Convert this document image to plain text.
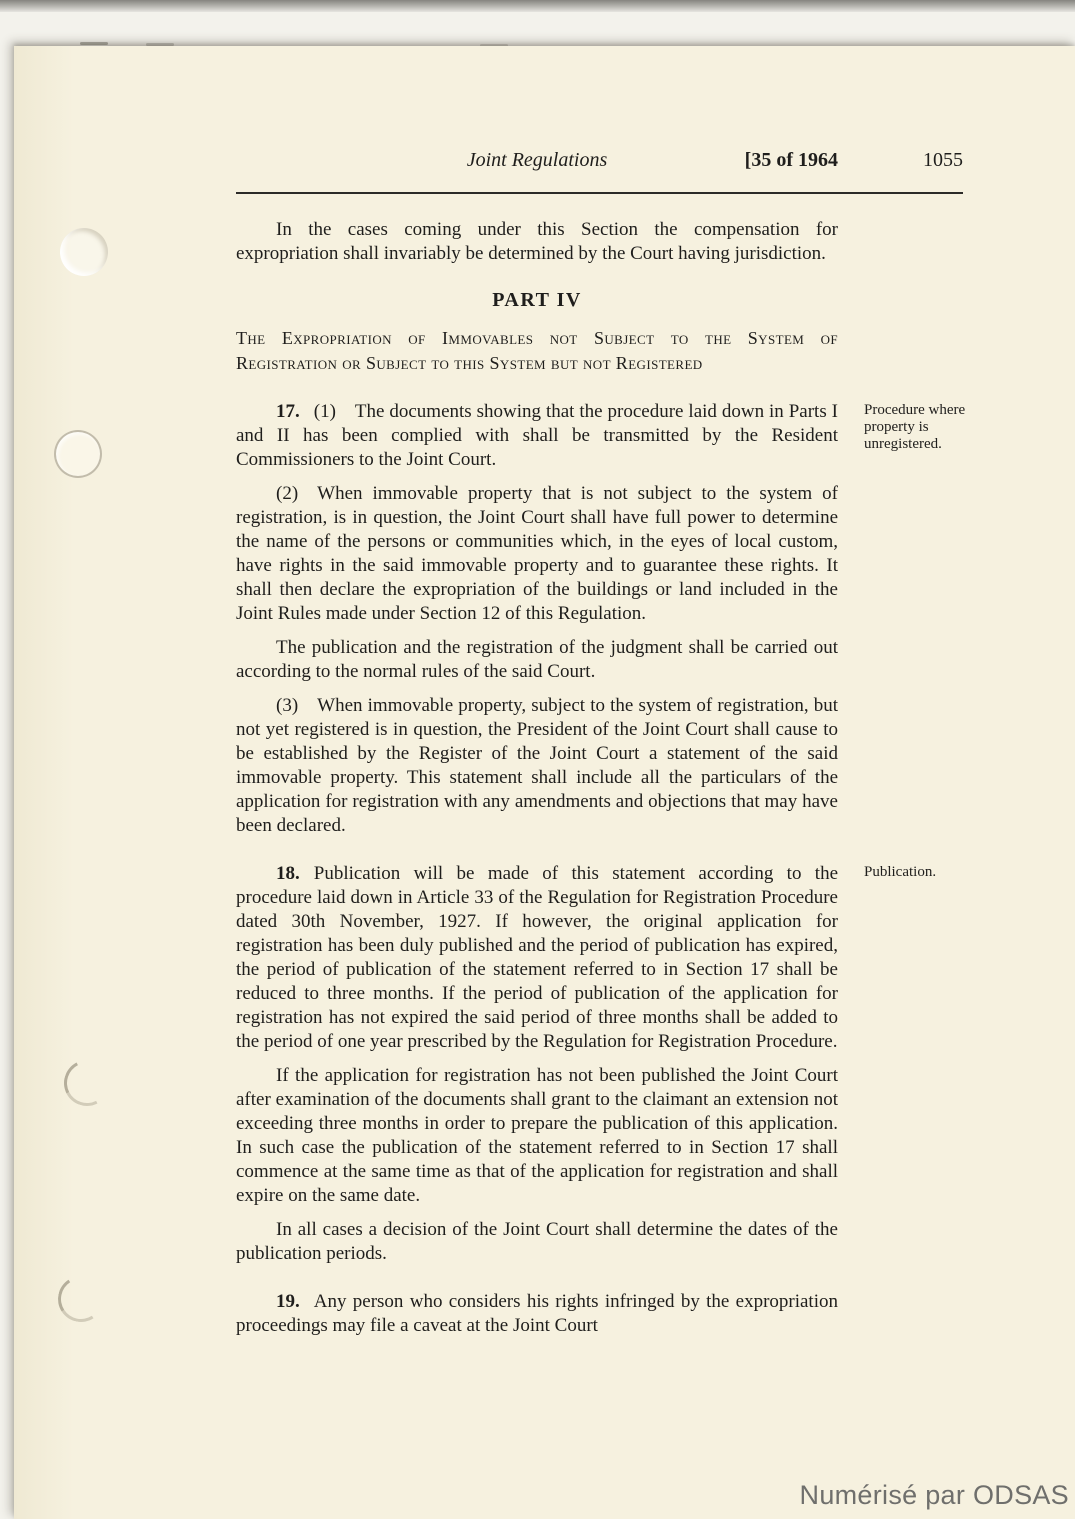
Joint Regulations	[35 of 1964	1055

In the cases coming under this Section the compensation for expropriation shall invariably be determined by the Court having jurisdiction.

PART IV
The Expropriation of Immovables not Subject to the System of Registration or Subject to this System but not Registered

17. (1) The documents showing that the procedure laid down in Parts I and II has been complied with shall be transmitted by the Resident Commissioners to the Joint Court.

Procedure where property is unregistered.

(2) When immovable property that is not subject to the system of registration, is in question, the Joint Court shall have full power to determine the name of the persons or communities which, in the eyes of local custom, have rights in the said immovable property and to guarantee these rights. It shall then declare the expropriation of the buildings or land included in the Joint Rules made under Section 12 of this Regulation.

The publication and the registration of the judgment shall be carried out according to the normal rules of the said Court.

(3) When immovable property, subject to the system of registration, but not yet registered is in question, the President of the Joint Court shall cause to be established by the Register of the Joint Court a statement of the said immovable property. This statement shall include all the particulars of the application for registration with any amendments and objections that may have been declared.

18. Publication will be made of this statement according to the procedure laid down in Article 33 of the Regulation for Registration Procedure dated 30th November, 1927. If however, the original application for registration has been duly published and the period of publication has expired, the period of publication of the statement referred to in Section 17 shall be reduced to three months. If the period of publication of the application for registration has not expired the said period of three months shall be added to the period of one year prescribed by the Regulation for Registration Procedure.

Publication.

If the application for registration has not been published the Joint Court after examination of the documents shall grant to the claimant an extension not exceeding three months in order to prepare the publication of this application. In such case the publication of the statement referred to in Section 17 shall commence at the same time as that of the application for registration and shall expire on the same date.

In all cases a decision of the Joint Court shall determine the dates of the publication periods.

19. Any person who considers his rights infringed by the expropriation proceedings may file a caveat at the Joint Court

Numérisé par ODSAS
